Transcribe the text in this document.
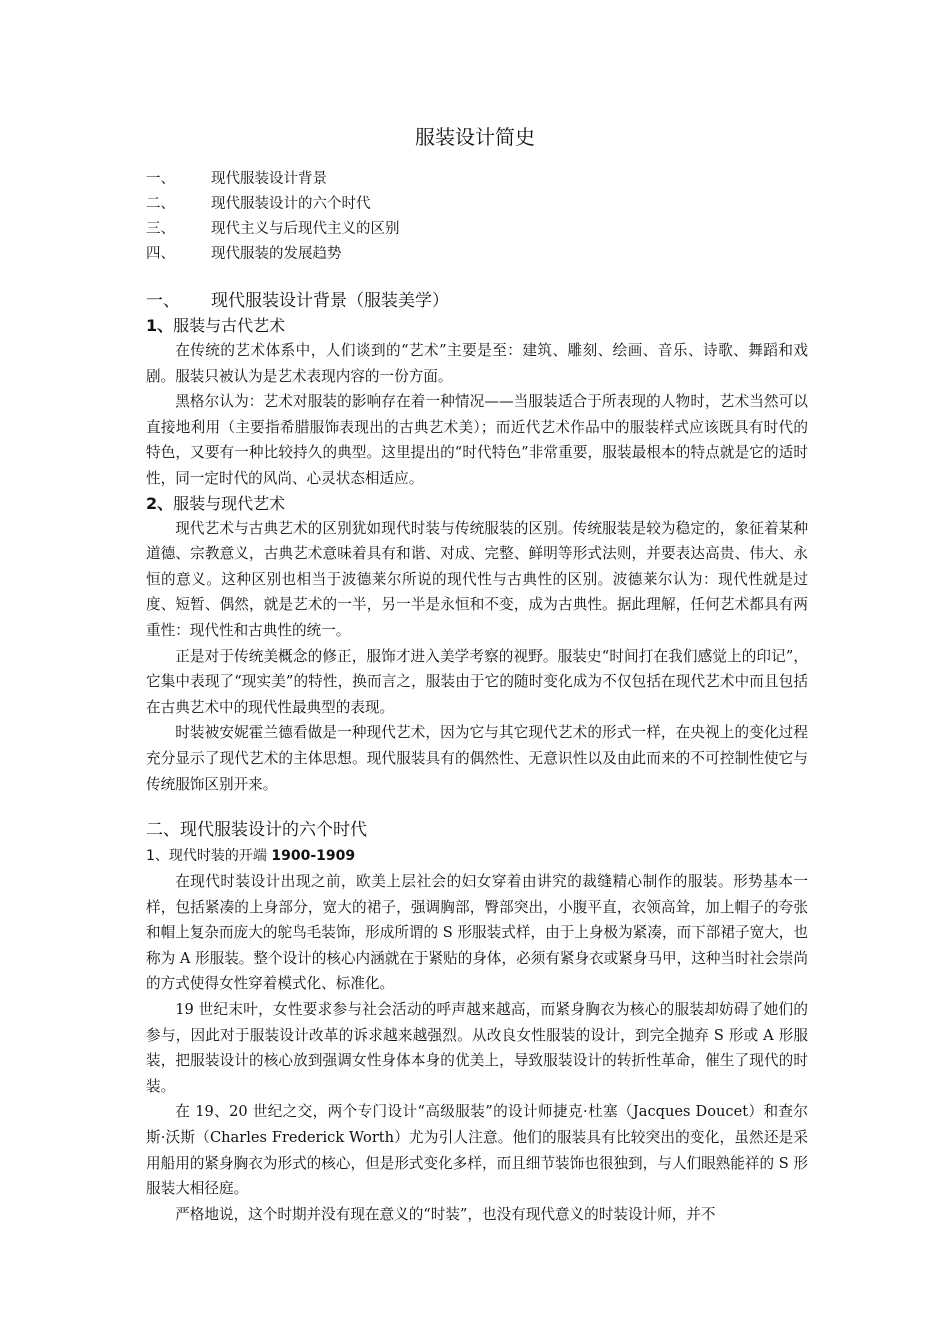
服装设计简史
一、 现代服装设计背景
二、 现代服装设计的六个时代
三、 现代主义与后现代主义的区别
四、 现代服装的发展趋势
一、 现代服装设计背景（服装美学）
1、服装与古代艺术

在传统的艺术体系中，人们谈到的“艺术”主要是至：建筑、雕刻、绘画、音乐、诗歌、舞蹈和戏剧。服装只被认为是艺术表现内容的一份方面。

黑格尔认为：艺术对服装的影响存在着一种情况——当服装适合于所表现的人物时，艺术当然可以直接地利用（主要指希腊服饰表现出的古典艺术美）；而近代艺术作品中的服装样式应该既具有时代的特色，又要有一种比较持久的典型。这里提出的“时代特色”非常重要，服装最根本的特点就是它的适时性，同一定时代的风尚、心灵状态相适应。

2、服装与现代艺术

现代艺术与古典艺术的区别犹如现代时装与传统服装的区别。传统服装是较为稳定的，象征着某种道德、宗教意义，古典艺术意味着具有和谐、对成、完整、鲜明等形式法则，并要表达高贵、伟大、永恒的意义。这种区别也相当于波德莱尔所说的现代性与古典性的区别。波德莱尔认为：现代性就是过度、短暂、偶然，就是艺术的一半，另一半是永恒和不变，成为古典性。据此理解，任何艺术都具有两重性：现代性和古典性的统一。

正是对于传统美概念的修正，服饰才进入美学考察的视野。服装史“时间打在我们感觉上的印记”，它集中表现了“现实美”的特性，换而言之，服装由于它的随时变化成为不仅包括在现代艺术中而且包括在古典艺术中的现代性最典型的表现。

时装被安妮霍兰德看做是一种现代艺术，因为它与其它现代艺术的形式一样，在央视上的变化过程充分显示了现代艺术的主体思想。现代服装具有的偶然性、无意识性以及由此而来的不可控制性使它与传统服饰区别开来。

二、现代服装设计的六个时代
1、现代时装的开端 1900-1909

在现代时装设计出现之前，欧美上层社会的妇女穿着由讲究的裁缝精心制作的服装。形势基本一样，包括紧凑的上身部分，宽大的裙子，强调胸部，臀部突出，小腹平直，衣领高耸，加上帽子的夸张和帽上复杂而庞大的鸵鸟毛装饰，形成所谓的 S 形服装式样，由于上身极为紧凑，而下部裙子宽大，也称为 A 形服装。整个设计的核心内涵就在于紧贴的身体，必须有紧身衣或紧身马甲，这种当时社会崇尚的方式使得女性穿着模式化、标准化。

19 世纪末叶，女性要求参与社会活动的呼声越来越高，而紧身胸衣为核心的服装却妨碍了她们的参与，因此对于服装设计改革的诉求越来越强烈。从改良女性服装的设计，到完全抛弃 S 形或 A 形服装，把服装设计的核心放到强调女性身体本身的优美上，导致服装设计的转折性革命，催生了现代的时装。

在 19、20 世纪之交，两个专门设计“高级服装”的设计师捷克·杜塞（Jacques Doucet）和查尔斯·沃斯（Charles Frederick Worth）尤为引人注意。他们的服装具有比较突出的变化，虽然还是采用船用的紧身胸衣为形式的核心，但是形式变化多样，而且细节装饰也很独到，与人们眼熟能祥的 S 形服装大相径庭。

严格地说，这个时期并没有现在意义的“时装”，也没有现代意义的时装设计师，并不
